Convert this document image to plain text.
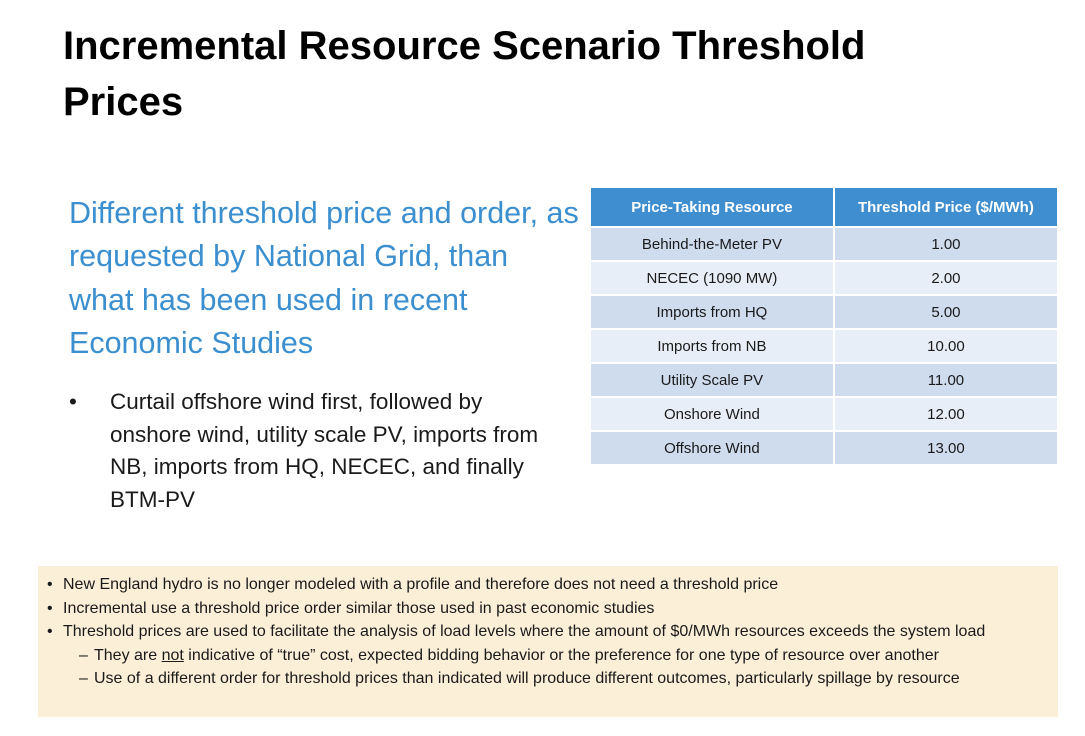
Incremental Resource Scenario Threshold Prices

Different threshold price and order, as requested by National Grid, than what has been used in recent Economic Studies

• Curtail offshore wind first, followed by onshore wind, utility scale PV, imports from NB, imports from HQ, NECEC, and finally BTM-PV
Price-Taking Resource	Threshold Price ($/MWh)
Behind-the-Meter PV	1.00
NECEC (1090 MW)	2.00
Imports from HQ	5.00
Imports from NB	10.00
Utility Scale PV	11.00
Onshore Wind	12.00
Offshore Wind	13.00
• New England hydro is no longer modeled with a profile and therefore does not need a threshold price
• Incremental use a threshold price order similar those used in past economic studies
• Threshold prices are used to facilitate the analysis of load levels where the amount of $0/MWh resources exceeds the system load
– They are not indicative of “true” cost, expected bidding behavior or the preference for one type of resource over another
– Use of a different order for threshold prices than indicated will produce different outcomes, particularly spillage by resource
